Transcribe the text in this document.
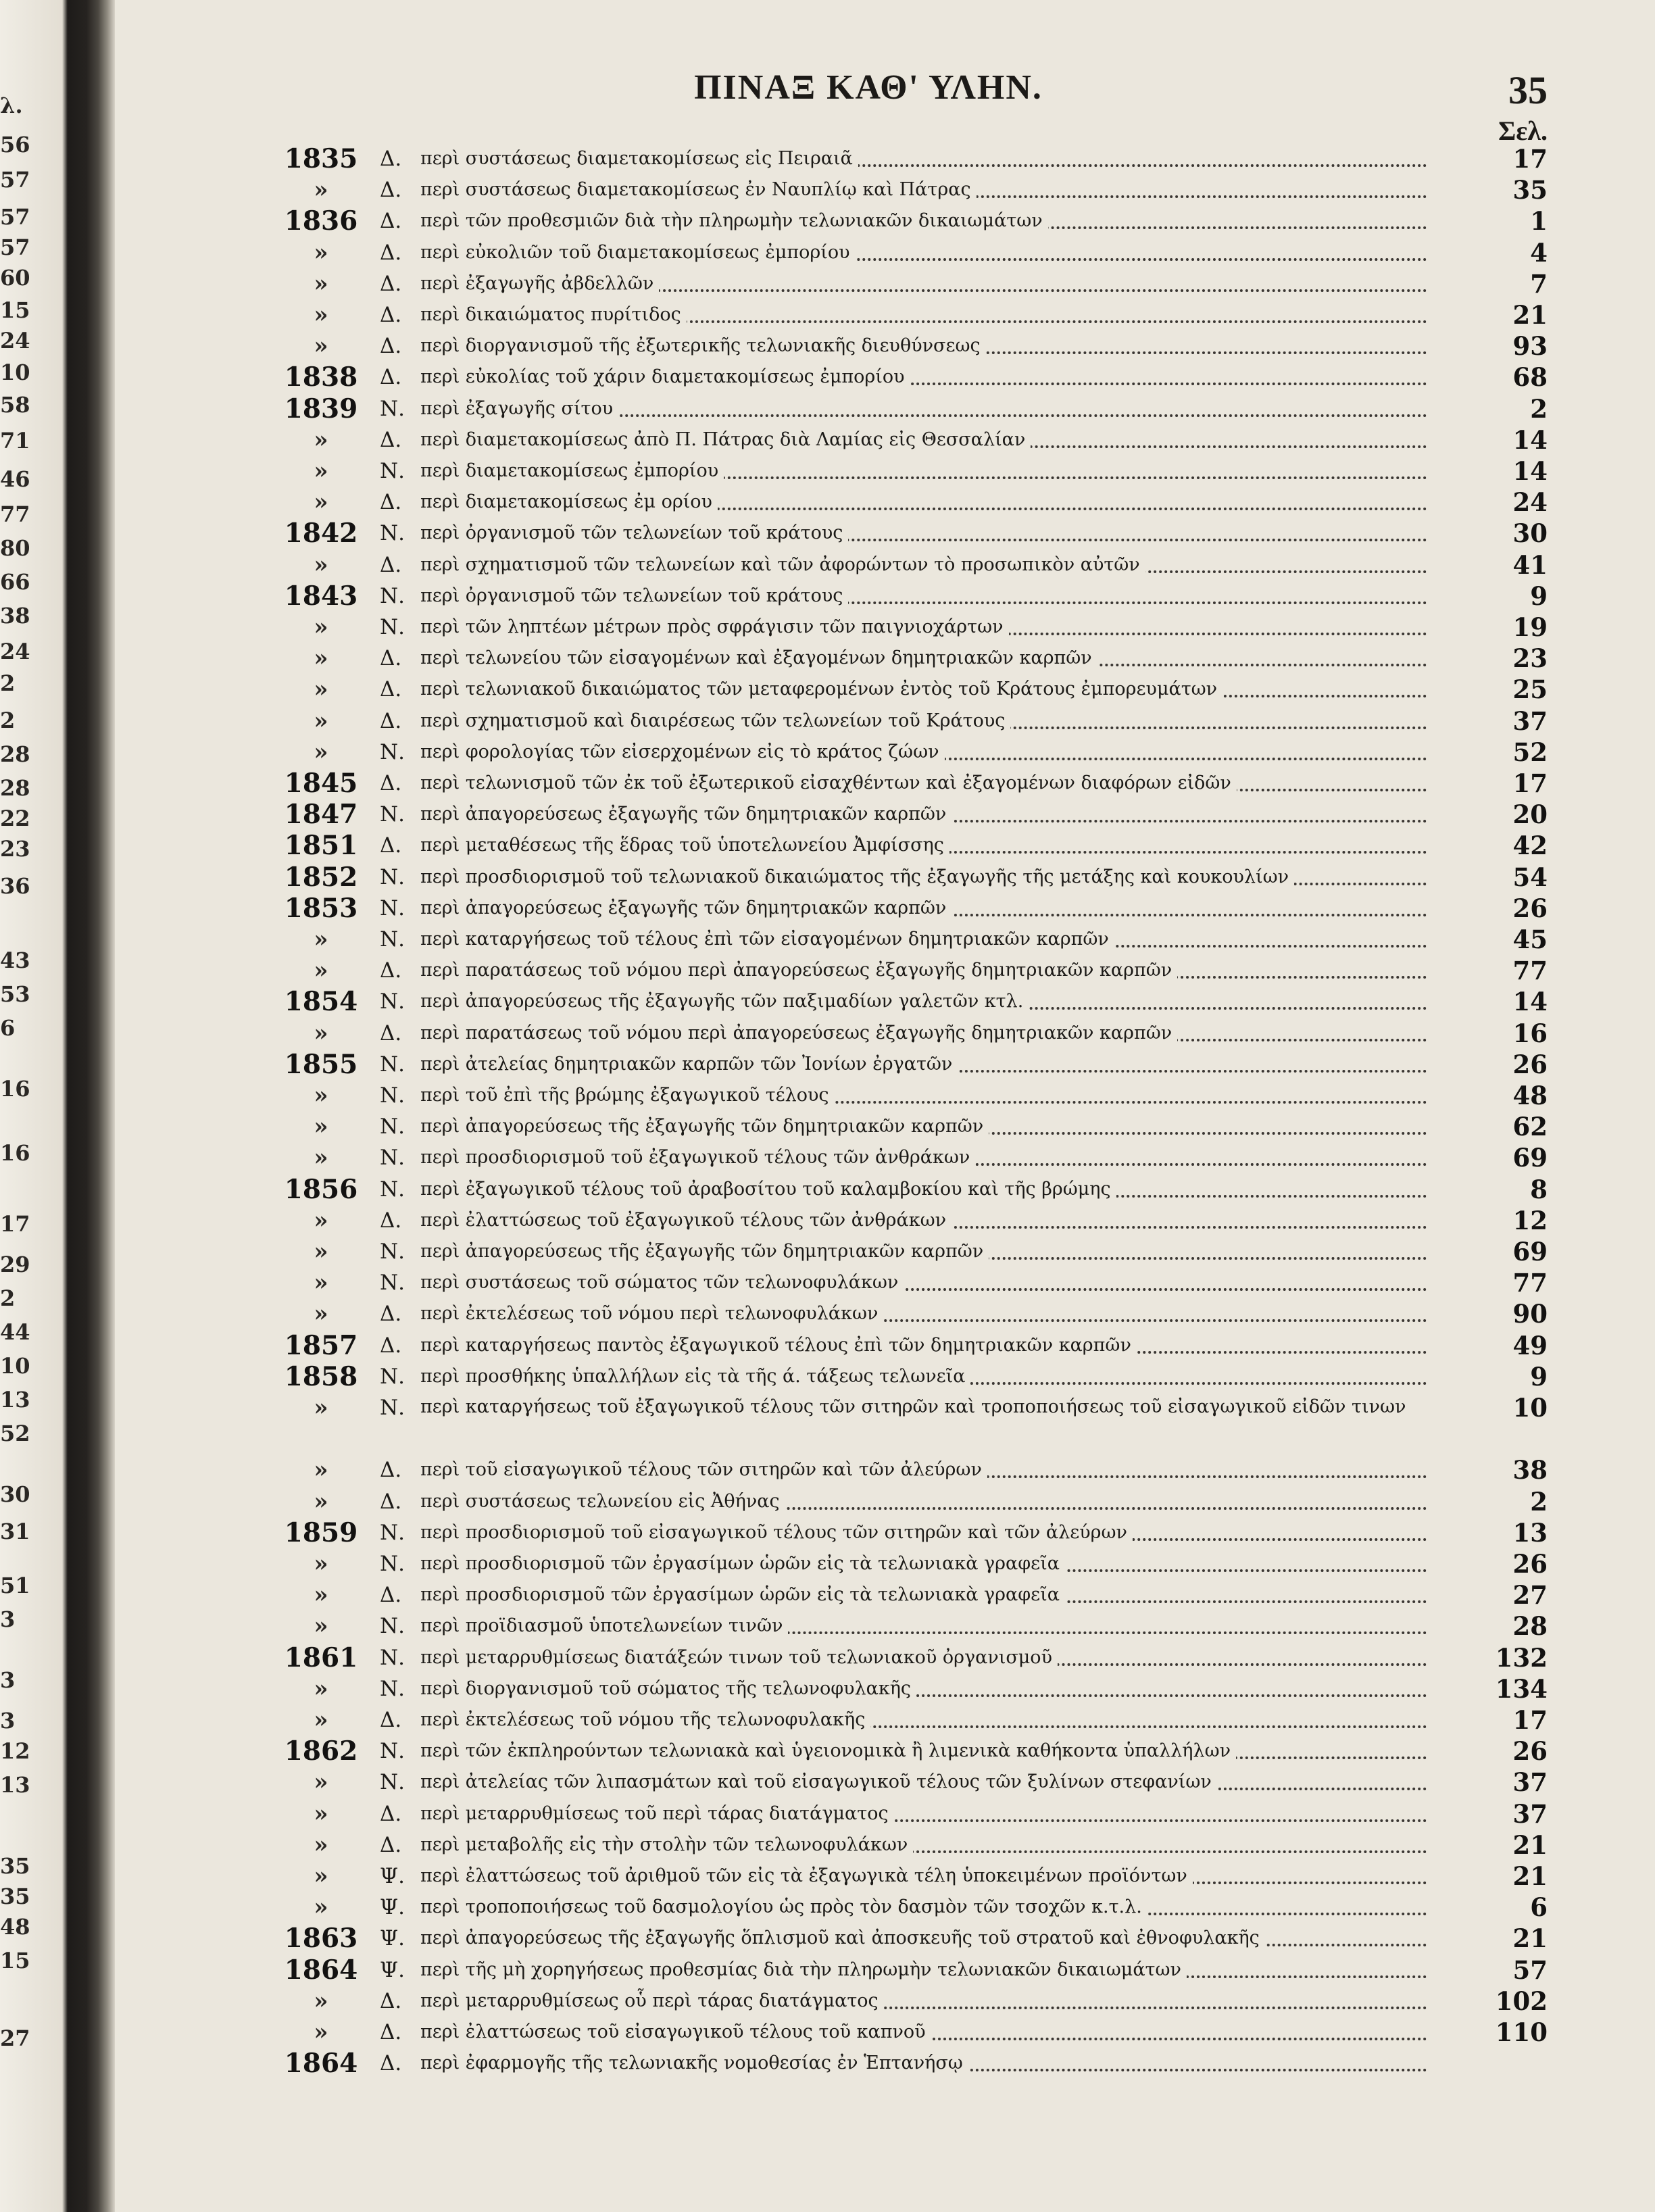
λ.
56
57
57
57
60
15
24
10
58
71
46
77
80
66
38
24
2
2
28
28
22
23
36
43
53
6
16
16
17
29
2
44
10
13
52
30
31
51
3
3
3
12
13
35
35
48
15
27
ΠΙΝΑΞ ΚΑΘ' ΥΛΗΝ.	35
Σελ.
1835	Δ.	περὶ συστάσεως διαμετακομίσεως εἰς Πειραιᾶ	17
»	Δ.	περὶ συστάσεως διαμετακομίσεως ἐν Ναυπλίῳ καὶ Πάτρας	35
1836	Δ.	περὶ τῶν προθεσμιῶν διὰ τὴν πληρωμὴν τελωνιακῶν δικαιωμάτων	1
»	Δ.	περὶ εὐκολιῶν τοῦ διαμετακομίσεως ἐμπορίου	4
»	Δ.	περὶ ἐξαγωγῆς ἀβδελλῶν	7
»	Δ.	περὶ δικαιώματος πυρίτιδος	21
»	Δ.	περὶ διοργανισμοῦ τῆς ἐξωτερικῆς τελωνιακῆς διευθύνσεως	93
1838	Δ.	περὶ εὐκολίας τοῦ χάριν διαμετακομίσεως ἐμπορίου	68
1839	Ν. περὶ ἐξαγωγῆς σίτου	2
»	Δ.	περὶ διαμετακομίσεως ἀπὸ Π. Πάτρας διὰ Λαμίας εἰς Θεσσαλίαν	14
»	Ν. περὶ διαμετακομίσεως ἐμπορίου	14
»	Δ.	περὶ διαμετακομίσεως ἐμ ορίου	24
1842	Ν. περὶ ὀργανισμοῦ τῶν τελωνείων τοῦ κράτους	30
»	Δ.	περὶ σχηματισμοῦ τῶν τελωνείων καὶ τῶν ἀφορώντων τὸ προσωπικὸν αὐτῶν	41
1843	Ν. περὶ ὀργανισμοῦ τῶν τελωνείων τοῦ κράτους	9
»	Ν. περὶ τῶν ληπτέων μέτρων πρὸς σφράγισιν τῶν παιγνιοχάρτων	19
»	Δ.	περὶ τελωνείου τῶν εἰσαγομένων καὶ ἐξαγομένων δημητριακῶν καρπῶν	23
»	Δ.	περὶ τελωνιακοῦ δικαιώματος τῶν μεταφερομένων ἐντὸς τοῦ Κράτους ἐμπορευμάτων	25
»	Δ.	περὶ σχηματισμοῦ καὶ διαιρέσεως τῶν τελωνείων τοῦ Κράτους	37
»	Ν. περὶ φορολογίας τῶν εἰσερχομένων εἰς τὸ κράτος ζώων	52
1845	Δ.	περὶ τελωνισμοῦ τῶν ἐκ τοῦ ἐξωτερικοῦ εἰσαχθέντων καὶ ἐξαγομένων διαφόρων εἰδῶν	17
1847	Ν. περὶ ἀπαγορεύσεως ἐξαγωγῆς τῶν δημητριακῶν καρπῶν	20
1851	Δ.	περὶ μεταθέσεως τῆς ἕδρας τοῦ ὑποτελωνείου Ἀμφίσσης	42
1852	Ν. περὶ προσδιορισμοῦ τοῦ τελωνιακοῦ δικαιώματος τῆς ἐξαγωγῆς τῆς μετάξης καὶ κουκουλίων	54
1853	Ν. περὶ ἀπαγορεύσεως ἐξαγωγῆς τῶν δημητριακῶν καρπῶν	26
»	Ν. περὶ καταργήσεως τοῦ τέλους ἐπὶ τῶν εἰσαγομένων δημητριακῶν καρπῶν	45
»	Δ.	περὶ παρατάσεως τοῦ νόμου περὶ ἀπαγορεύσεως ἐξαγωγῆς δημητριακῶν καρπῶν	77
1854	Ν. περὶ ἀπαγορεύσεως τῆς ἐξαγωγῆς τῶν παξιμαδίων γαλετῶν κτλ.	14
»	Δ.	περὶ παρατάσεως τοῦ νόμου περὶ ἀπαγορεύσεως ἐξαγωγῆς δημητριακῶν καρπῶν	16
1855	Ν. περὶ ἀτελείας δημητριακῶν καρπῶν τῶν Ἰονίων ἐργατῶν	26
»	Ν. περὶ τοῦ ἐπὶ τῆς βρώμης ἐξαγωγικοῦ τέλους	48
»	Ν. περὶ ἀπαγορεύσεως τῆς ἐξαγωγῆς τῶν δημητριακῶν καρπῶν	62
»	Ν. περὶ προσδιορισμοῦ τοῦ ἐξαγωγικοῦ τέλους τῶν ἀνθράκων	69
1856	Ν. περὶ ἐξαγωγικοῦ τέλους τοῦ ἀραβοσίτου τοῦ καλαμβοκίου καὶ τῆς βρώμης	8
»	Δ.	περὶ ἐλαττώσεως τοῦ ἐξαγωγικοῦ τέλους τῶν ἀνθράκων	12
»	Ν. περὶ ἀπαγορεύσεως τῆς ἐξαγωγῆς τῶν δημητριακῶν καρπῶν	69
»	Ν. περὶ συστάσεως τοῦ σώματος τῶν τελωνοφυλάκων	77
»	Δ.	περὶ ἐκτελέσεως τοῦ νόμου περὶ τελωνοφυλάκων	90
1857	Δ.	περὶ καταργήσεως παντὸς ἐξαγωγικοῦ τέλους ἐπὶ τῶν δημητριακῶν καρπῶν	49
1858	Ν. περὶ προσθήκης ὑπαλλήλων εἰς τὰ τῆς ά. τάξεως τελωνεῖα	9
»	Ν. περὶ καταργήσεως τοῦ ἐξαγωγικοῦ τέλους τῶν σιτηρῶν καὶ τροποποιήσεως τοῦ εἰσαγωγικοῦ εἰδῶν τινων	10
»	Δ.	περὶ τοῦ εἰσαγωγικοῦ τέλους τῶν σιτηρῶν καὶ τῶν ἀλεύρων	38
»	Δ.	περὶ συστάσεως τελωνείου εἰς Ἀθήνας	2
1859	Ν. περὶ προσδιορισμοῦ τοῦ εἰσαγωγικοῦ τέλους τῶν σιτηρῶν καὶ τῶν ἀλεύρων	13
»	Ν. περὶ προσδιορισμοῦ τῶν ἐργασίμων ὡρῶν εἰς τὰ τελωνιακὰ γραφεῖα	26
»	Δ.	περὶ προσδιορισμοῦ τῶν ἐργασίμων ὡρῶν εἰς τὰ τελωνιακὰ γραφεῖα	27
»	Ν. περὶ προϊδιασμοῦ ὑποτελωνείων τινῶν	28
1861	Ν. περὶ μεταρρυθμίσεως διατάξεών τινων τοῦ τελωνιακοῦ ὀργανισμοῦ	132
»	Ν. περὶ διοργανισμοῦ τοῦ σώματος τῆς τελωνοφυλακῆς	134
»	Δ.	περὶ ἐκτελέσεως τοῦ νόμου τῆς τελωνοφυλακῆς	17
1862	Ν. περὶ τῶν ἐκπληρούντων τελωνιακὰ καὶ ὑγειονομικὰ ἢ λιμενικὰ καθήκοντα ὑπαλλήλων	26
»	Ν. περὶ ἀτελείας τῶν λιπασμάτων καὶ τοῦ εἰσαγωγικοῦ τέλους τῶν ξυλίνων στεφανίων	37
»	Δ.	περὶ μεταρρυθμίσεως τοῦ περὶ τάρας διατάγματος	37
»	Δ.	περὶ μεταβολῆς εἰς τὴν στολὴν τῶν τελωνοφυλάκων	21
»	Ψ. περὶ ἐλαττώσεως τοῦ ἀριθμοῦ τῶν εἰς τὰ ἐξαγωγικὰ τέλη ὑποκειμένων προϊόντων	21
»	Ψ. περὶ τροποποιήσεως τοῦ δασμολογίου ὡς πρὸς τὸν δασμὸν τῶν τσοχῶν κ.τ.λ.	6
1863	Ψ. περὶ ἀπαγορεύσεως τῆς ἐξαγωγῆς ὅπλισμοῦ καὶ ἀποσκευῆς τοῦ στρατοῦ καὶ ἐθνοφυλακῆς	21
1864	Ψ. περὶ τῆς μὴ χορηγήσεως προθεσμίας διὰ τὴν πληρωμὴν τελωνιακῶν δικαιωμάτων	57
»	Δ.	περὶ μεταρρυθμίσεως οὗ περὶ τάρας διατάγματος	102
»	Δ.	περὶ ἐλαττώσεως τοῦ εἰσαγωγικοῦ τέλους τοῦ καπνοῦ	110
1864	Δ.	περὶ ἐφαρμογῆς τῆς τελωνιακῆς νομοθεσίας ἐν Ἑπτανήσῳ
